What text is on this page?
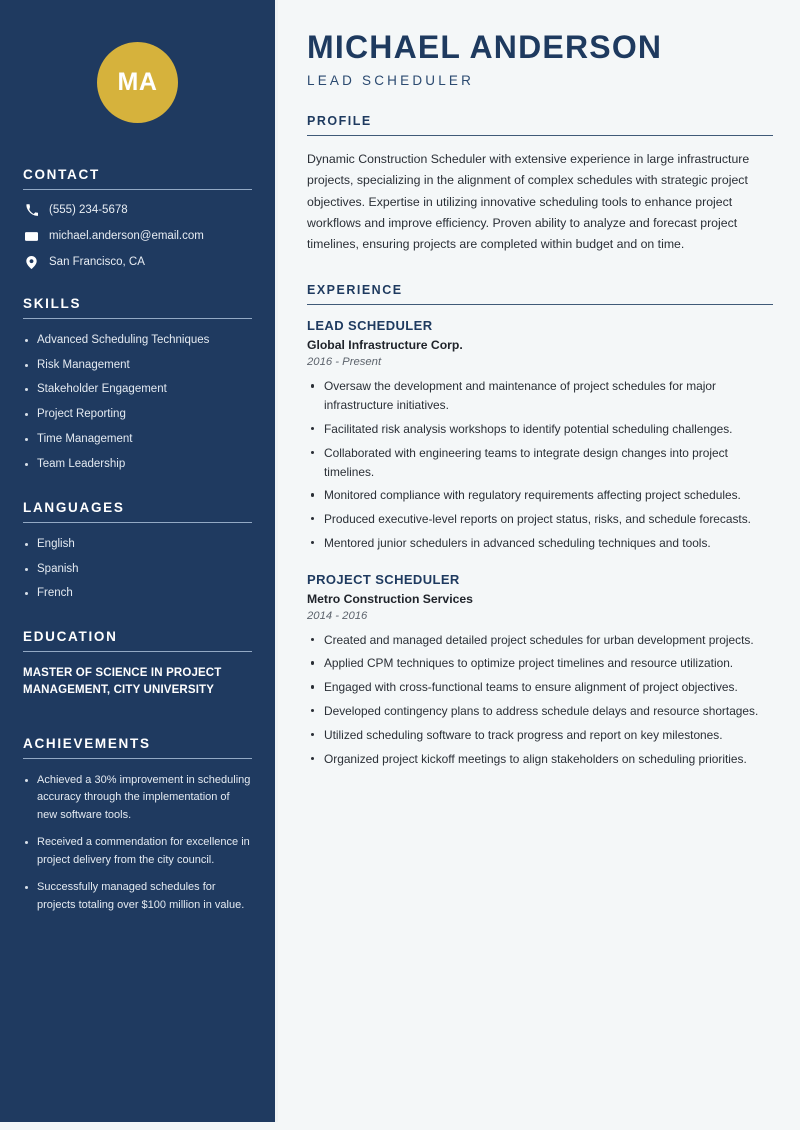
MA
CONTACT
(555) 234-5678
michael.anderson@email.com
San Francisco, CA
SKILLS
Advanced Scheduling Techniques
Risk Management
Stakeholder Engagement
Project Reporting
Time Management
Team Leadership
LANGUAGES
English
Spanish
French
EDUCATION
MASTER OF SCIENCE IN PROJECT MANAGEMENT, CITY UNIVERSITY
ACHIEVEMENTS
Achieved a 30% improvement in scheduling accuracy through the implementation of new software tools.
Received a commendation for excellence in project delivery from the city council.
Successfully managed schedules for projects totaling over $100 million in value.
MICHAEL ANDERSON
LEAD SCHEDULER
PROFILE

Dynamic Construction Scheduler with extensive experience in large infrastructure projects, specializing in the alignment of complex schedules with strategic project objectives. Expertise in utilizing innovative scheduling tools to enhance project workflows and improve efficiency. Proven ability to analyze and forecast project timelines, ensuring projects are completed within budget and on time.

EXPERIENCE
LEAD SCHEDULER
Global Infrastructure Corp.
2016 - Present
Oversaw the development and maintenance of project schedules for major infrastructure initiatives.
Facilitated risk analysis workshops to identify potential scheduling challenges.
Collaborated with engineering teams to integrate design changes into project timelines.
Monitored compliance with regulatory requirements affecting project schedules.
Produced executive-level reports on project status, risks, and schedule forecasts.
Mentored junior schedulers in advanced scheduling techniques and tools.
PROJECT SCHEDULER
Metro Construction Services
2014 - 2016
Created and managed detailed project schedules for urban development projects.
Applied CPM techniques to optimize project timelines and resource utilization.
Engaged with cross-functional teams to ensure alignment of project objectives.
Developed contingency plans to address schedule delays and resource shortages.
Utilized scheduling software to track progress and report on key milestones.
Organized project kickoff meetings to align stakeholders on scheduling priorities.
